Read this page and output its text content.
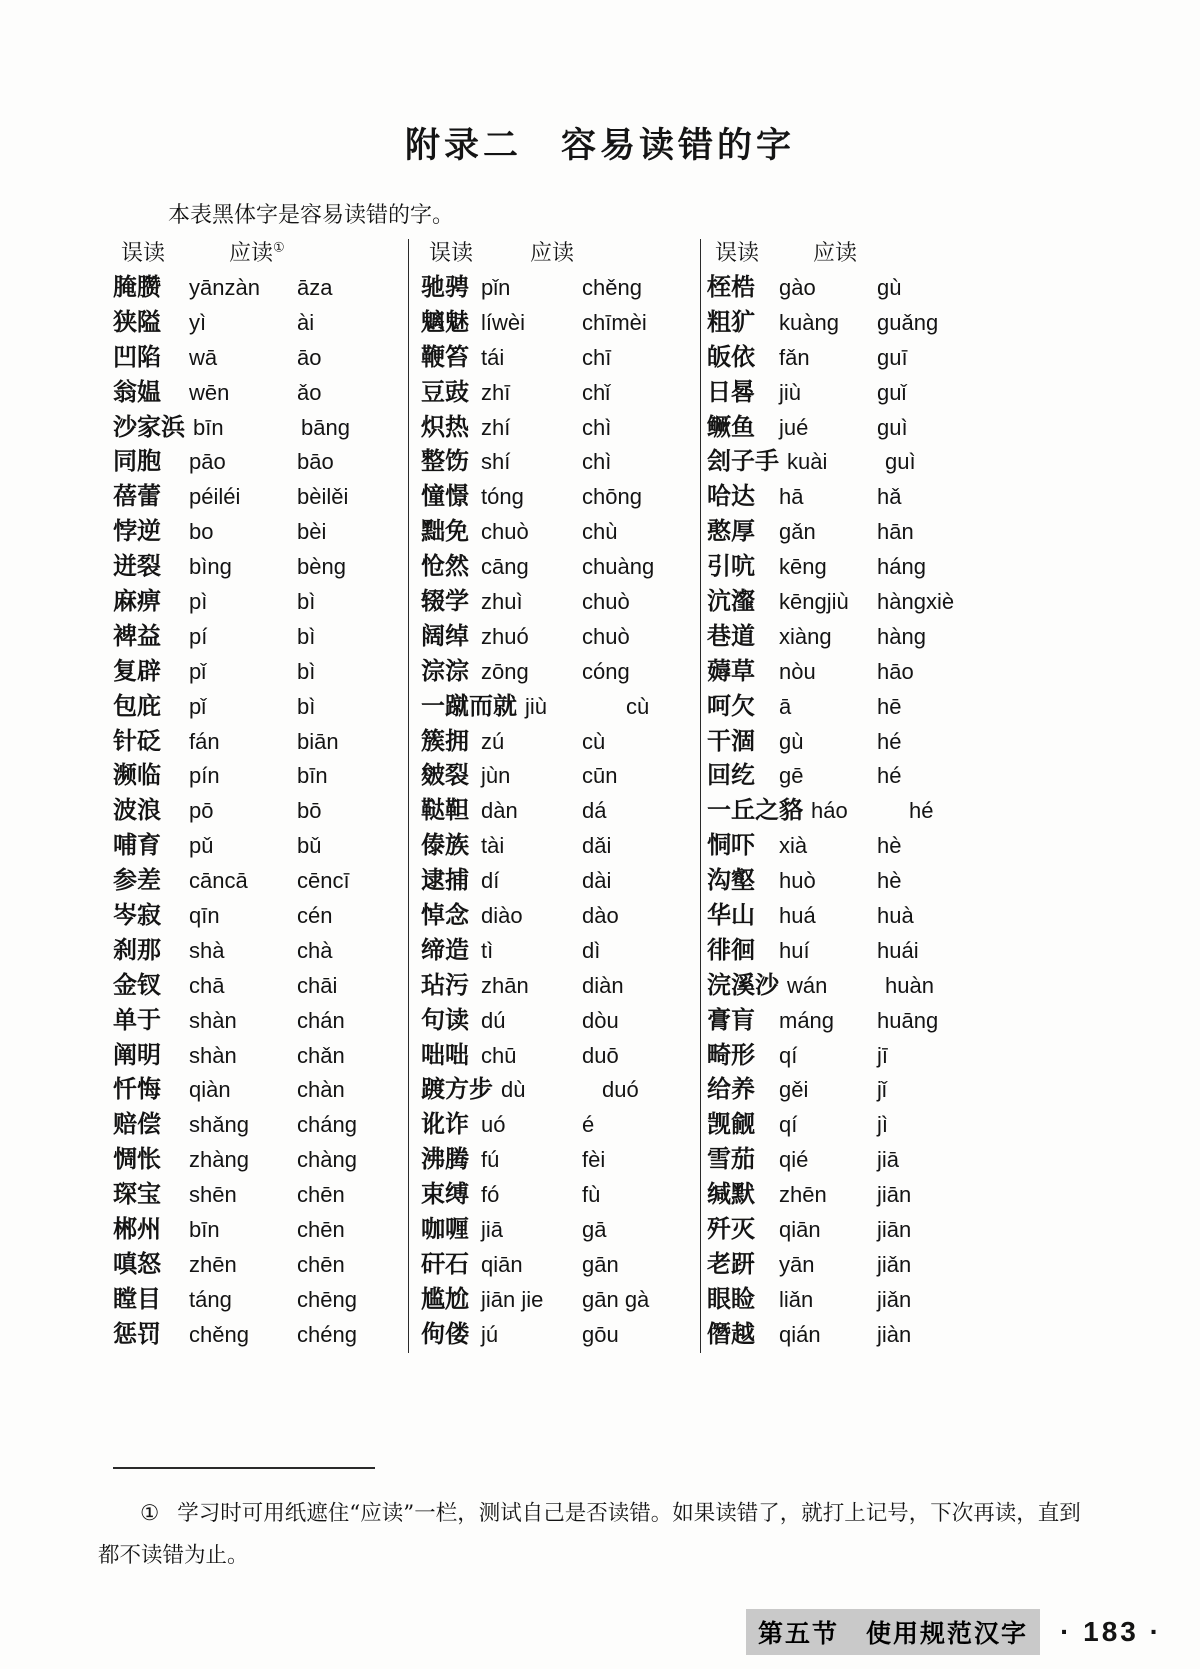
附录二　容易读错的字

本表黑体字是容易读错的字。

误读	应读①
腌臜	yānzàn	āza
狭隘	yì	ài
凹陷	wā	āo
翁媪	wēn	ǎo
沙家浜 bīn	bāng
同胞	pāo	bāo
蓓蕾	péiléi	bèilěi
悖逆	bo	bèi
迸裂	bìng	bèng
麻痹	pì	bì
裨益	pí	bì
复辟	pǐ	bì
包庇	pǐ	bì
针砭	fán	biān
濒临	pín	bīn
波浪	pō	bō
哺育	pǔ	bǔ
参差	cāncā	cēncī
岑寂	qīn	cén
刹那	shà	chà
金钗	chā	chāi
单于	shàn	chán
阐明	shàn	chǎn
忏悔	qiàn	chàn
赔偿	shǎng	cháng
惆怅	zhàng	chàng
琛宝	shēn	chēn
郴州	bīn	chēn
嗔怒	zhēn	chēn
瞠目	táng	chēng
惩罚	chěng	chéng
误读	应读
驰骋 pǐn	chěng
魑魅 líwèi	chīmèi
鞭笞 tái	chī
豆豉 zhī	chǐ
炽热 zhí	chì
整饬 shí	chì
憧憬 tóng	chōng
黜免 chuò	chù
怆然 cāng	chuàng
辍学 zhuì	chuò
阔绰 zhuó	chuò
淙淙 zōng	cóng
一蹴而就 jiù	cù
簇拥 zú	cù
皴裂 jùn	cūn
鞑靼 dàn	dá
傣族 tài	dǎi
逮捕 dí	dài
悼念 diào	dào
缔造 tì	dì
玷污 zhān	diàn
句读 dú	dòu
咄咄 chū	duō
踱方步 dù	duó
讹诈 uó	é
沸腾 fú	fèi
束缚 fó	fù
咖喱 jiā	gā
矸石 qiān	gān
尴尬 jiān jie	gān gà
佝偻 jú	gōu
误读	应读
桎梏	gào	gù
粗犷	kuàng	guǎng
皈依	fǎn	guī
日晷	jiù	guǐ
鳜鱼	jué	guì
刽子手 kuài	guì
哈达	hā	hǎ
憨厚	gǎn	hān
引吭	kēng	háng
沆瀣	kēngjiù	hàngxiè
巷道	xiàng	hàng
薅草	nòu	hāo
呵欠	ā	hē
干涸	gù	hé
回纥	gē	hé
一丘之貉 háo	hé
恫吓	xià	hè
沟壑	huò	hè
华山	huá	huà
徘徊	huí	huái
浣溪沙 wán	huàn
膏肓	máng	huāng
畸形	qí	jī
给养	gěi	jǐ
觊觎	qí	jì
雪茄	qié	jiā
缄默	zhēn	jiān
歼灭	qiān	jiān
老趼	yān	jiǎn
眼睑	liǎn	jiǎn
僭越	qián	jiàn

① 学习时可用纸遮住“应读”一栏，测试自己是否读错。如果读错了，就打上记号，下次再读，直到都不读错为止。

第五节　使用规范汉字	· 183 ·
